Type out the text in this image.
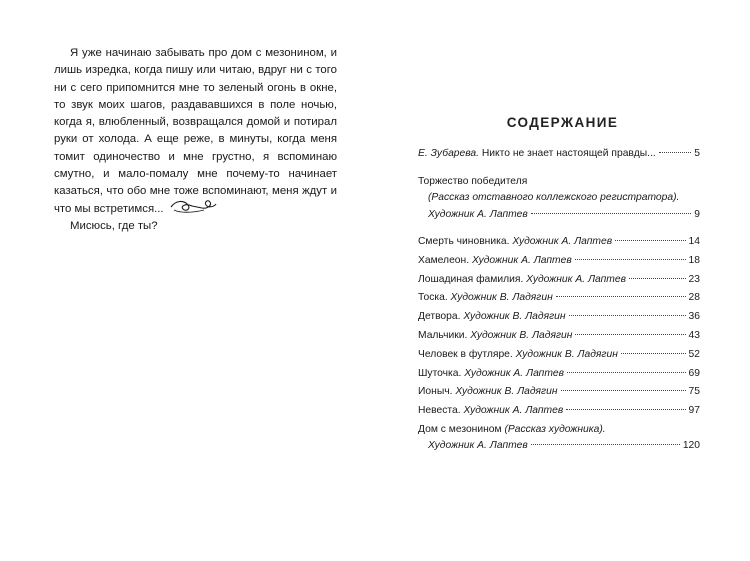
Я уже начинаю забывать про дом с мезонином, и лишь изредка, когда пишу или читаю, вдруг ни с того ни с сего припомнится мне то зеленый огонь в окне, то звук моих шагов, раздававшихся в поле ночью, когда я, влюбленный, возвращался домой и потирал руки от холода. А еще реже, в минуты, когда меня томит одиночество и мне грустно, я вспоминаю смутно, и мало-помалу мне почему-то начинает казаться, что обо мне тоже вспоминают, меня ждут и что мы встретимся...

Мисюсь, где ты?

СОДЕРЖАНИЕ
Е. Зубарева. Никто не знает настоящей правды...	5
Торжество победителя
(Рассказ отставного коллежского регистратора).
Художник А. Лаптев	9
Смерть чиновника. Художник А. Лаптев	14
Хамелеон. Художник А. Лаптев	18
Лошадиная фамилия. Художник А. Лаптев	23
Тоска. Художник В. Ладягин	28
Детвора. Художник В. Ладягин	36
Мальчики. Художник В. Ладягин	43
Человек в футляре. Художник В. Ладягин	52
Шуточка. Художник А. Лаптев	69
Ионыч. Художник В. Ладягин	75
Невеста. Художник А. Лаптев	97
Дом с мезонином (Рассказ художника).
Художник А. Лаптев	120
